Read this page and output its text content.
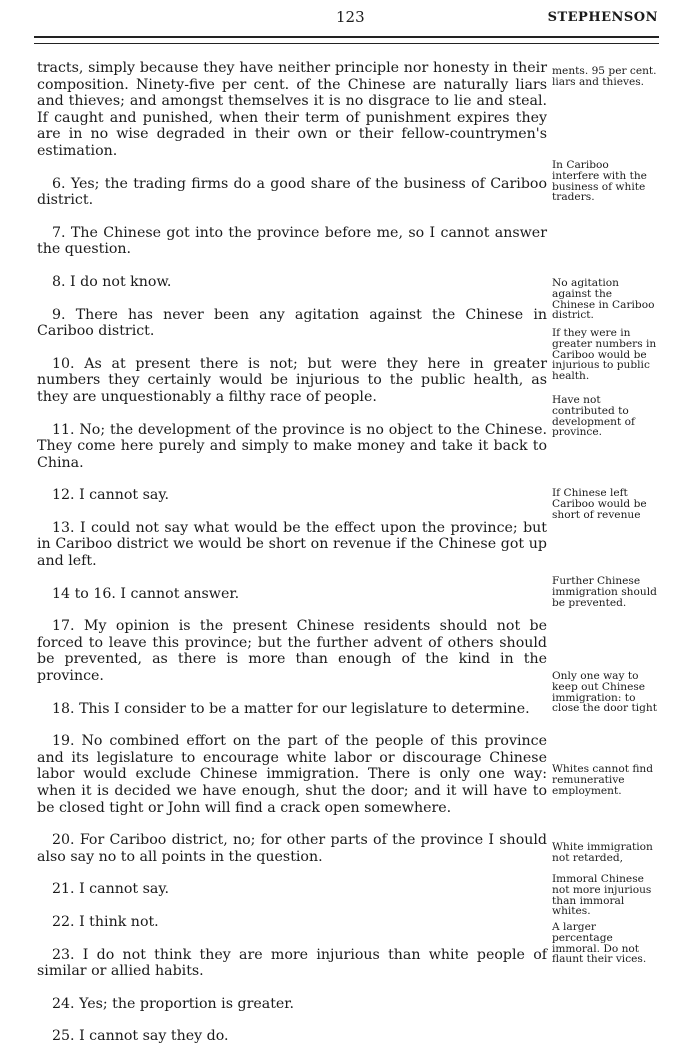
123	STEPHENSON

tracts, simply because they have neither principle nor honesty in their composition. Ninety-five per cent. of the Chinese are naturally liars and thieves; and amongst themselves it is no disgrace to lie and steal. If caught and punished, when their term of punishment expires they are in no wise degraded in their own or their fellow-countrymen's estimation.

6. Yes; the trading firms do a good share of the business of Cariboo district.

7. The Chinese got into the province before me, so I cannot answer the question.

8. I do not know.

9. There has never been any agitation against the Chinese in Cariboo district.

10. As at present there is not; but were they here in greater numbers they certainly would be injurious to the public health, as they are unquestionably a filthy race of people.

11. No; the development of the province is no object to the Chinese. They come here purely and simply to make money and take it back to China.

12. I cannot say.

13. I could not say what would be the effect upon the province; but in Cariboo district we would be short on revenue if the Chinese got up and left.

14 to 16. I cannot answer.

17. My opinion is the present Chinese residents should not be forced to leave this province; but the further advent of others should be prevented, as there is more than enough of the kind in the province.

18. This I consider to be a matter for our legislature to determine.

19. No combined effort on the part of the people of this province and its legislature to encourage white labor or discourage Chinese labor would exclude Chinese immigration. There is only one way: when it is decided we have enough, shut the door; and it will have to be closed tight or John will find a crack open somewhere.

20. For Cariboo district, no; for other parts of the province I should also say no to all points in the question.

21. I cannot say.

22. I think not.

23. I do not think they are more injurious than white people of similar or allied habits.

24. Yes; the proportion is greater.

25. I cannot say they do.

ments. 95 per cent. liars and thieves.
In Cariboo interfere with the business of white traders.
No agitation against the Chinese in Cariboo district.
If they were in greater numbers in Cariboo would be injurious to public health.
Have not contributed to development of province.
If Chinese left Cariboo would be short of revenue
Further Chinese immigration should be prevented.
Only one way to keep out Chinese immigration: to close the door tight
Whites cannot find remunerative employment.
White immigration not retarded,
Immoral Chinese not more injurious than immoral whites.
A larger percentage immoral. Do not flaunt their vices.
